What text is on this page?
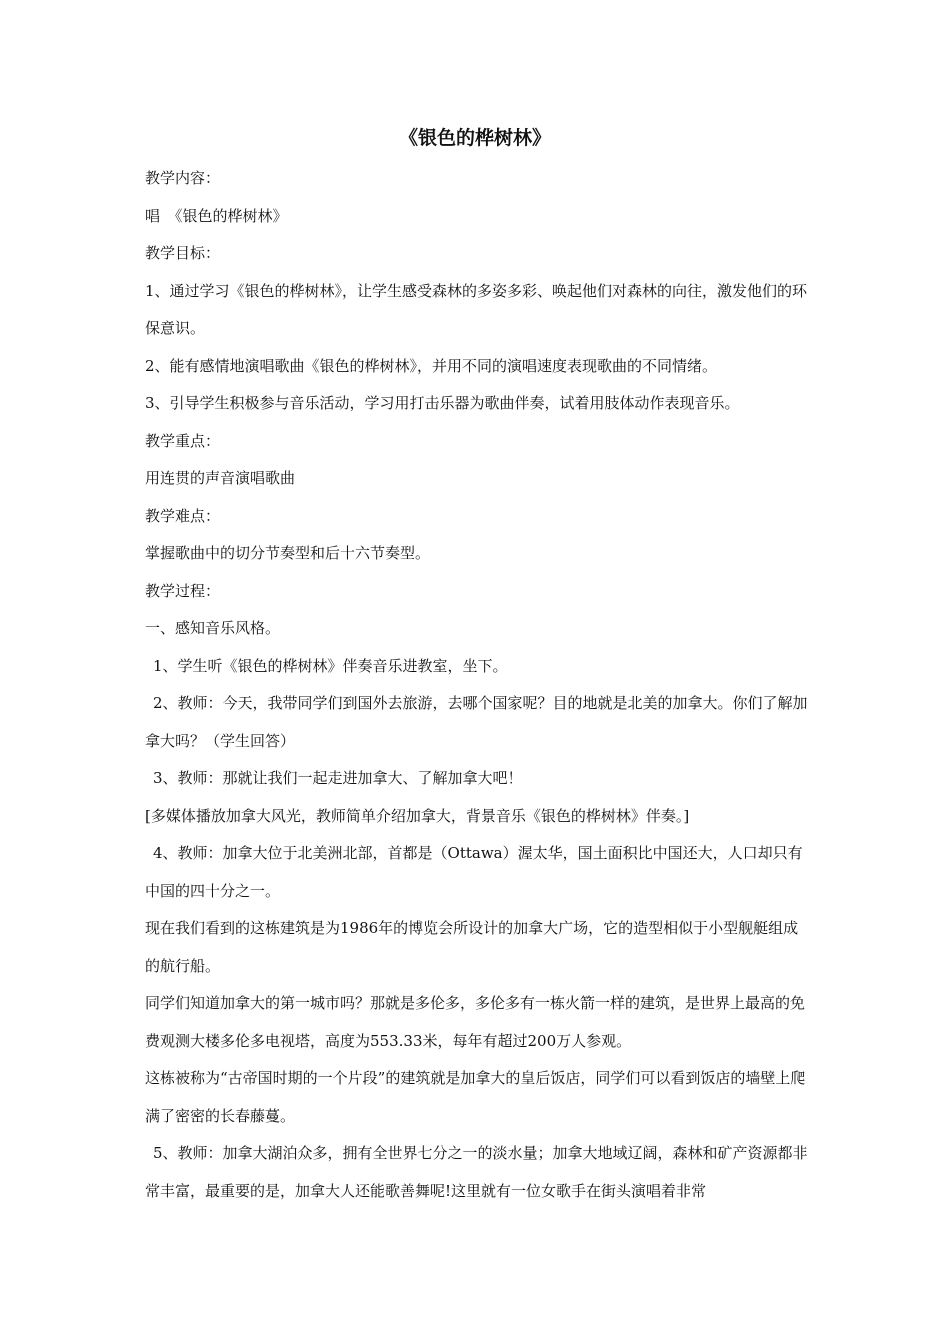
《银色的桦树林》

教学内容：

唱　《银色的桦树林》

教学目标：

1、通过学习《银色的桦树林》，让学生感受森林的多姿多彩、唤起他们对森林的向往，激发他们的环保意识。

2、能有感情地演唱歌曲《银色的桦树林》，并用不同的演唱速度表现歌曲的不同情绪。

3、引导学生积极参与音乐活动，学习用打击乐器为歌曲伴奏，试着用肢体动作表现音乐。

教学重点：

用连贯的声音演唱歌曲

教学难点：

掌握歌曲中的切分节奏型和后十六节奏型。

教学过程：

一、感知音乐风格。

1、学生听《银色的桦树林》伴奏音乐进教室，坐下。

2、教师：今天，我带同学们到国外去旅游，去哪个国家呢？目的地就是北美的加拿大。你们了解加拿大吗？（学生回答）

3、教师：那就让我们一起走进加拿大、了解加拿大吧！

[多媒体播放加拿大风光，教师简单介绍加拿大，背景音乐《银色的桦树林》伴奏。]

4、教师：加拿大位于北美洲北部，首都是（Ottawa）渥太华，国土面积比中国还大，人口却只有中国的四十分之一。

现在我们看到的这栋建筑是为1986年的博览会所设计的加拿大广场，它的造型相似于小型舰艇组成的航行船。

同学们知道加拿大的第一城市吗？那就是多伦多，多伦多有一栋火箭一样的建筑，是世界上最高的免费观测大楼多伦多电视塔，高度为553.33米，每年有超过200万人参观。

这栋被称为“古帝国时期的一个片段”的建筑就是加拿大的皇后饭店，同学们可以看到饭店的墙壁上爬满了密密的长春藤蔓。

5、教师：加拿大湖泊众多，拥有全世界七分之一的淡水量；加拿大地域辽阔，森林和矿产资源都非常丰富，最重要的是，加拿大人还能歌善舞呢!这里就有一位女歌手在街头演唱着非常
